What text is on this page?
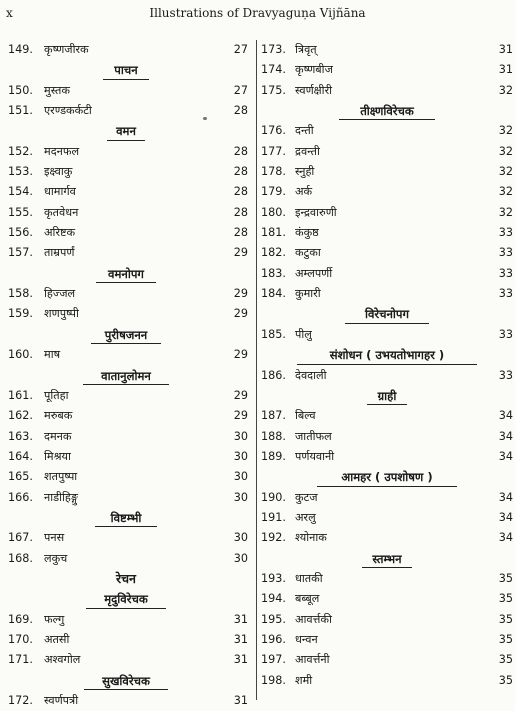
x	Illustrations of Dravyaguṇa Vijñāna
149. कृष्णजीरक	27
पाचन
150. मुस्तक	27
151. एरण्डकर्कटी	28
वमन
152. मदनफल	28
153. इक्ष्वाकु	28
154. धामार्गव	28
155. कृतवेधन	28
156. अरिष्टक	28
157. ताम्रपर्णं	29
वमनोपग
158. हिज्जल	29
159. शणपुष्पी	29
पुरीषजनन
160. माष	29
वातानुलोमन
161. पूतिहा	29
162. मरुबक	29
163. दमनक	30
164. मिश्रया	30
165. शतपुष्पा	30
166. नाडीहिङ्गु	30
विष्टम्भी
167. पनस	30
168. लकुच	30
रेचन
मृदुविरेचक
169. फल्गु	31
170. अतसी	31
171. अश्वगोल	31
सुखविरेचक
172. स्वर्णपत्री	31
173. त्रिवृत्	31
174. कृष्णबीज	31
175. स्वर्णक्षीरी	32
तीक्ष्णविरेचक
176. दन्ती	32
177. द्रवन्ती	32
178. स्नुही	32
179. अर्क	32
180. इन्द्रवारुणी	32
181. कंकुष्ठ	33
182. कटुका	33
183. अम्लपर्णी	33
184. कुमारी	33
विरेचनोपग
185. पीलु	33
संशोधन ( उभयतोभागहर )
186. देवदाली	33
ग्राही
187. बिल्व	34
188. जातीफल	34
189. पर्णयवानी	34
आमहर ( उपशोषण )
190. कुटज	34
191. अरलु	34
192. श्योनाक	34
स्तम्भन
193. धातकी	35
194. बब्बूल	35
195. आवर्त्तकी	35
196. धन्वन	35
197. आवर्त्तनी	35
198. शमी	35
